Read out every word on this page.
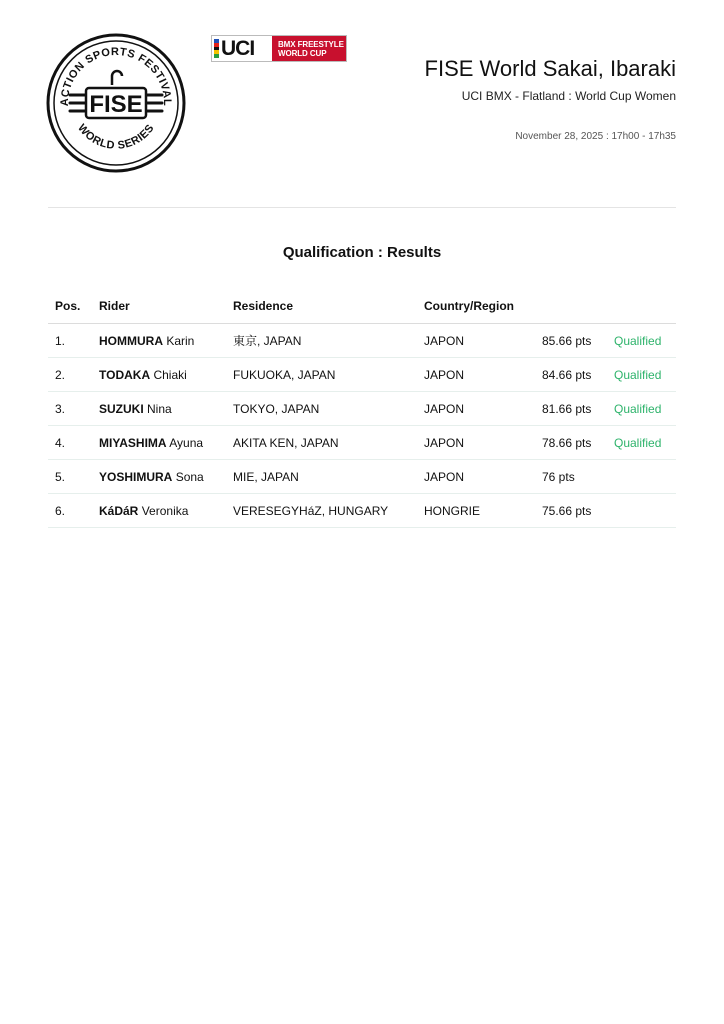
ACTION SPORTS FESTIVAL
WORLD SERIES
FISE
UCI	BMX FREESTYLE
WORLD CUP
FISE World Sakai, Ibaraki
UCI BMX - Flatland : World Cup Women
November 28, 2025 : 17h00 - 17h35
Qualification : Results
Pos.	Rider	Residence	Country/Region		
1.	HOMMURA Karin	東京, JAPAN	JAPON	85.66 pts	Qualified
2.	TODAKA Chiaki	FUKUOKA, JAPAN	JAPON	84.66 pts	Qualified
3.	SUZUKI Nina	TOKYO, JAPAN	JAPON	81.66 pts	Qualified
4.	MIYASHIMA Ayuna	AKITA KEN, JAPAN	JAPON	78.66 pts	Qualified
5.	YOSHIMURA Sona	MIE, JAPAN	JAPON	76 pts	
6.	KáDáR Veronika	VERESEGYHáZ, HUNGARY	HONGRIE	75.66 pts	
